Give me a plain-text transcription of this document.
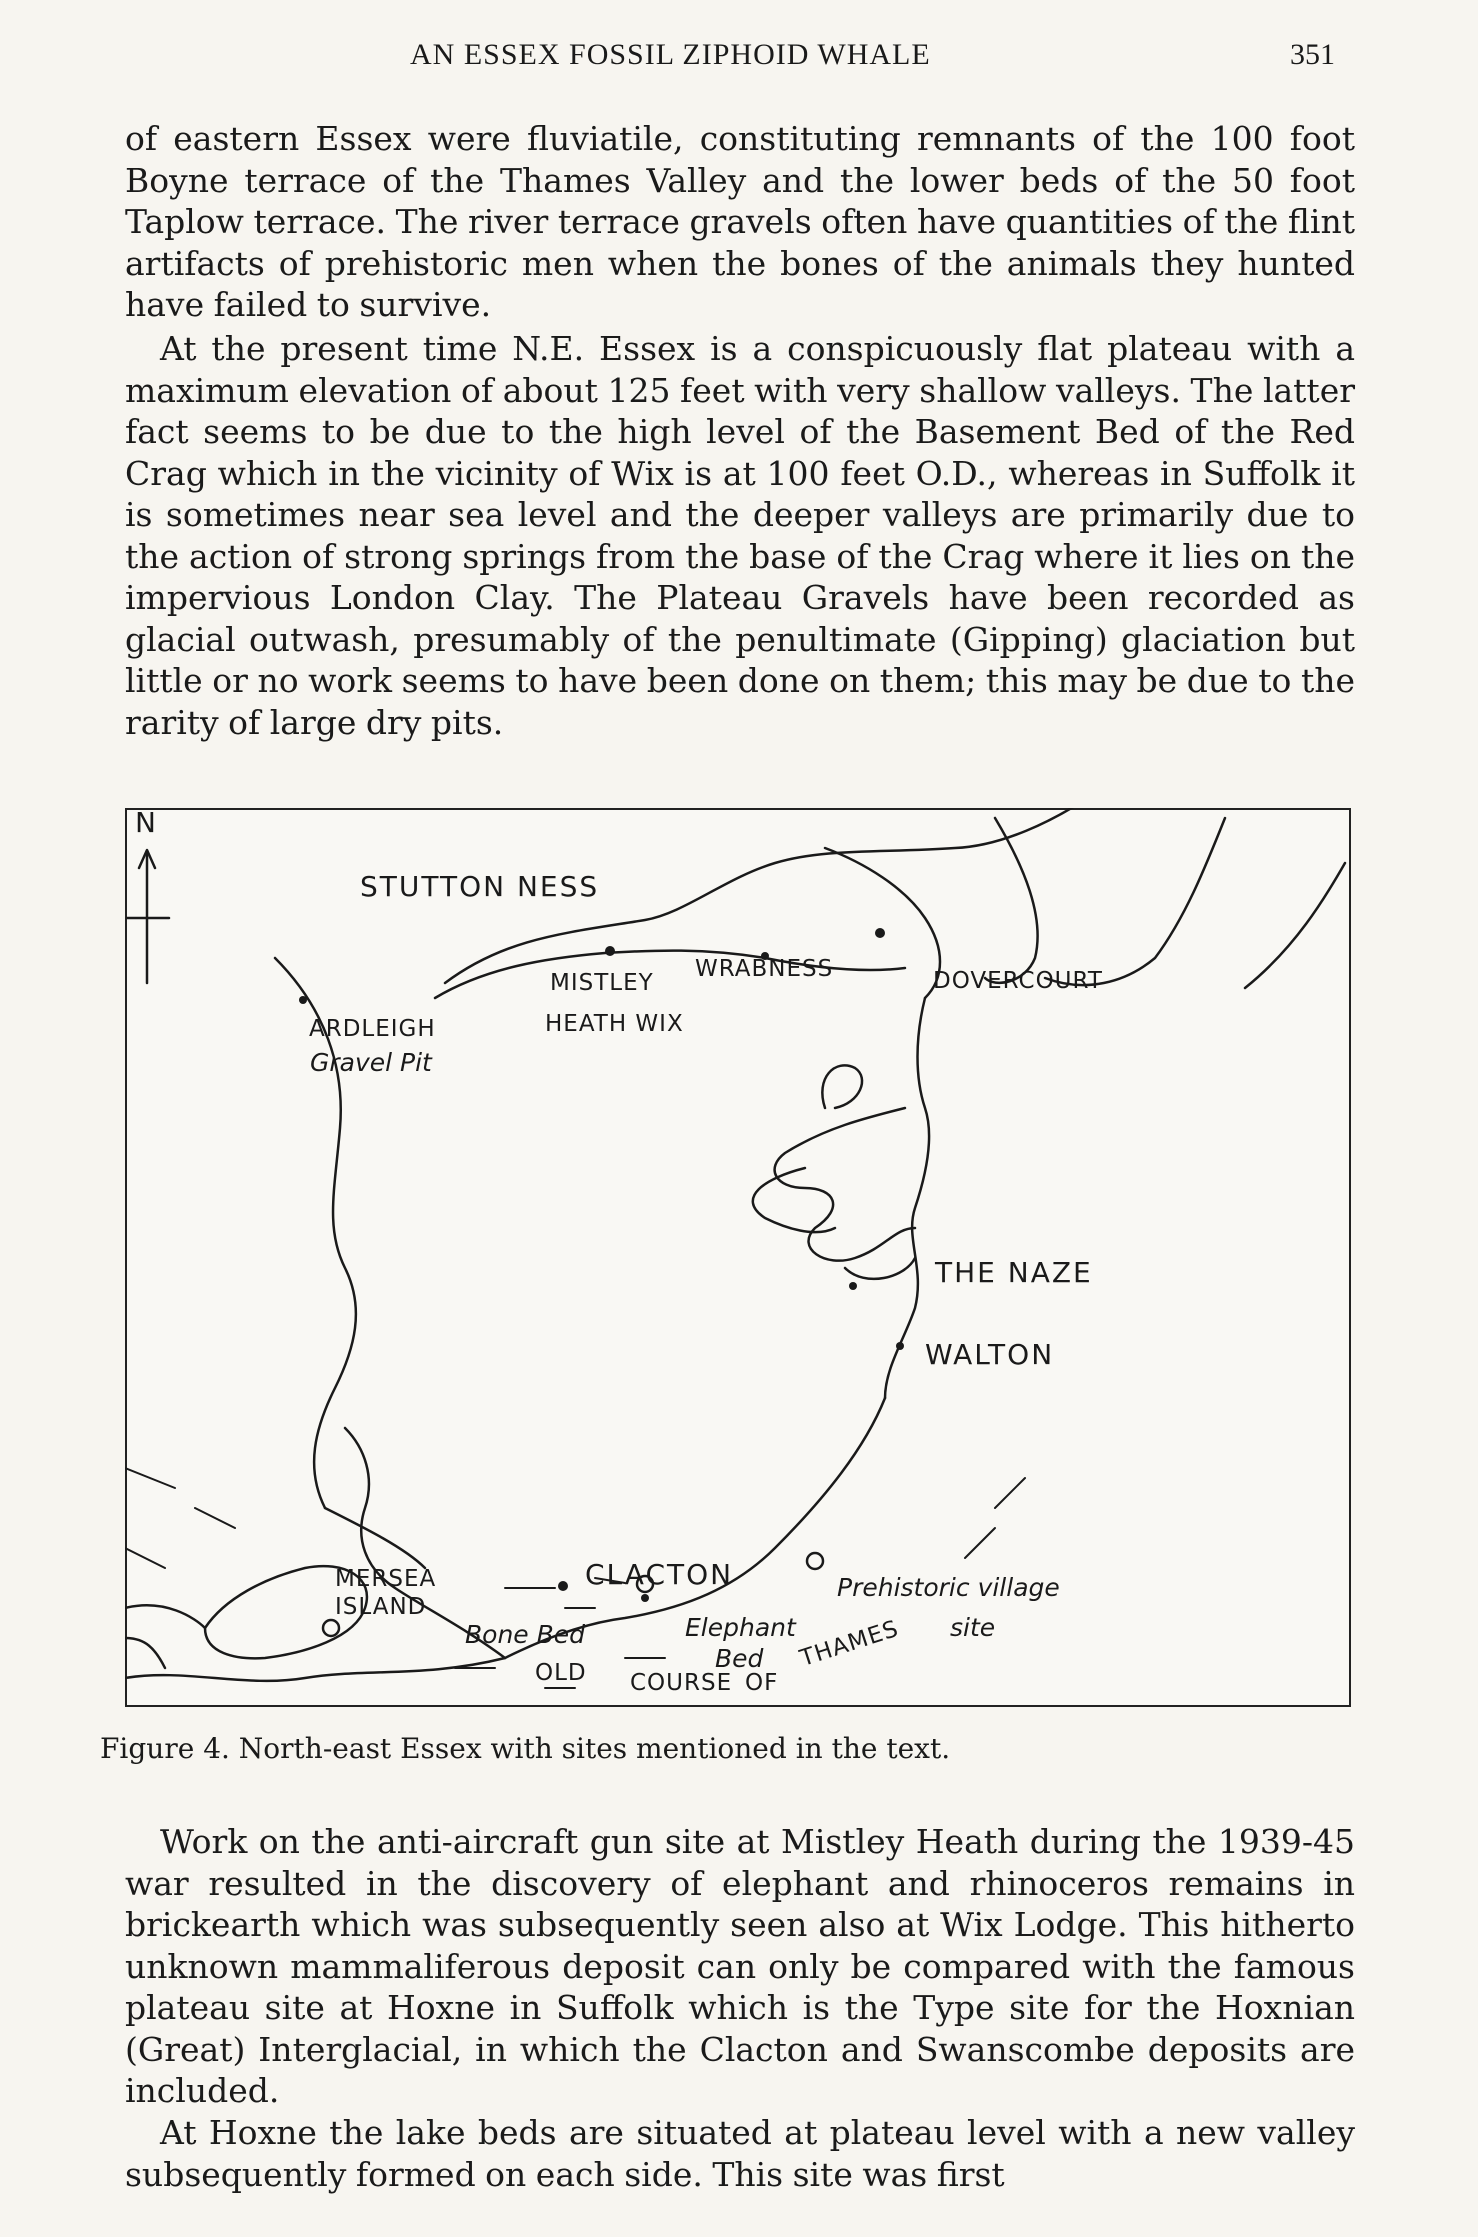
AN ESSEX FOSSIL ZIPHOID WHALE	351

of eastern Essex were fluviatile, constituting remnants of the 100 foot Boyne terrace of the Thames Valley and the lower beds of the 50 foot Taplow terrace. The river terrace gravels often have quantities of the flint artifacts of prehistoric men when the bones of the animals they hunted have failed to survive.

At the present time N.E. Essex is a conspicuously flat plateau with a maximum elevation of about 125 feet with very shallow valleys. The latter fact seems to be due to the high level of the Basement Bed of the Red Crag which in the vicinity of Wix is at 100 feet O.D., whereas in Suffolk it is sometimes near sea level and the deeper valleys are primarily due to the action of strong springs from the base of the Crag where it lies on the impervious London Clay. The Plateau Gravels have been recorded as glacial outwash, presumably of the penultimate (Gipping) glaciation but little or no work seems to have been done on them; this may be due to the rarity of large dry pits.

N
STUTTON NESS
MISTLEY
WRABNESS	DOVERCOURT
ARDLEIGH
Gravel Pit
HEATH WIX
THE NAZE
WALTON
MERSEA
ISLAND
CLACTON	Prehistoric village
site
Bone Bed	Elephant
Bed
OLD COURSE OF
THAMES
Figure 4. North-east Essex with sites mentioned in the text.

Work on the anti-aircraft gun site at Mistley Heath during the 1939-45 war resulted in the discovery of elephant and rhinoceros remains in brickearth which was subsequently seen also at Wix Lodge. This hitherto unknown mammaliferous deposit can only be compared with the famous plateau site at Hoxne in Suffolk which is the Type site for the Hoxnian (Great) Interglacial, in which the Clacton and Swanscombe deposits are included.

At Hoxne the lake beds are situated at plateau level with a new valley subsequently formed on each side. This site was first
